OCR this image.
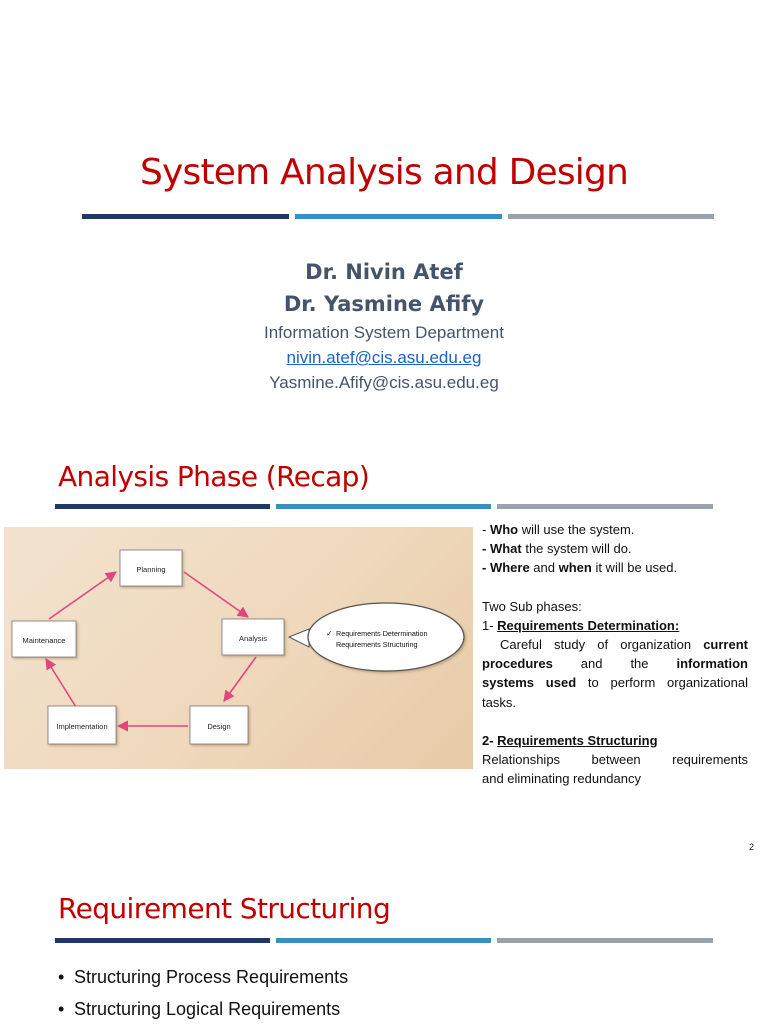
System Analysis and Design
Dr. Nivin Atef
Dr. Yasmine Afify
Information System Department
nivin.atef@cis.asu.edu.eg
Yasmine.Afify@cis.asu.edu.eg
Analysis Phase (Recap)
✓ Requirements Determination
Requirements Structuring
Planning
Analysis
Design
Implementation
Maintenance

- Who will use the system.

- What the system will do.

- Where and when it will be used.

Two Sub phases:

1- Requirements Determination:

Careful study of organization current

procedures and the information

systems used to perform organizational

tasks.

2- Requirements Structuring

Relationships between requirements

and eliminating redundancy

2
Requirement Structuring
• Structuring Process Requirements
• Structuring Logical Requirements
